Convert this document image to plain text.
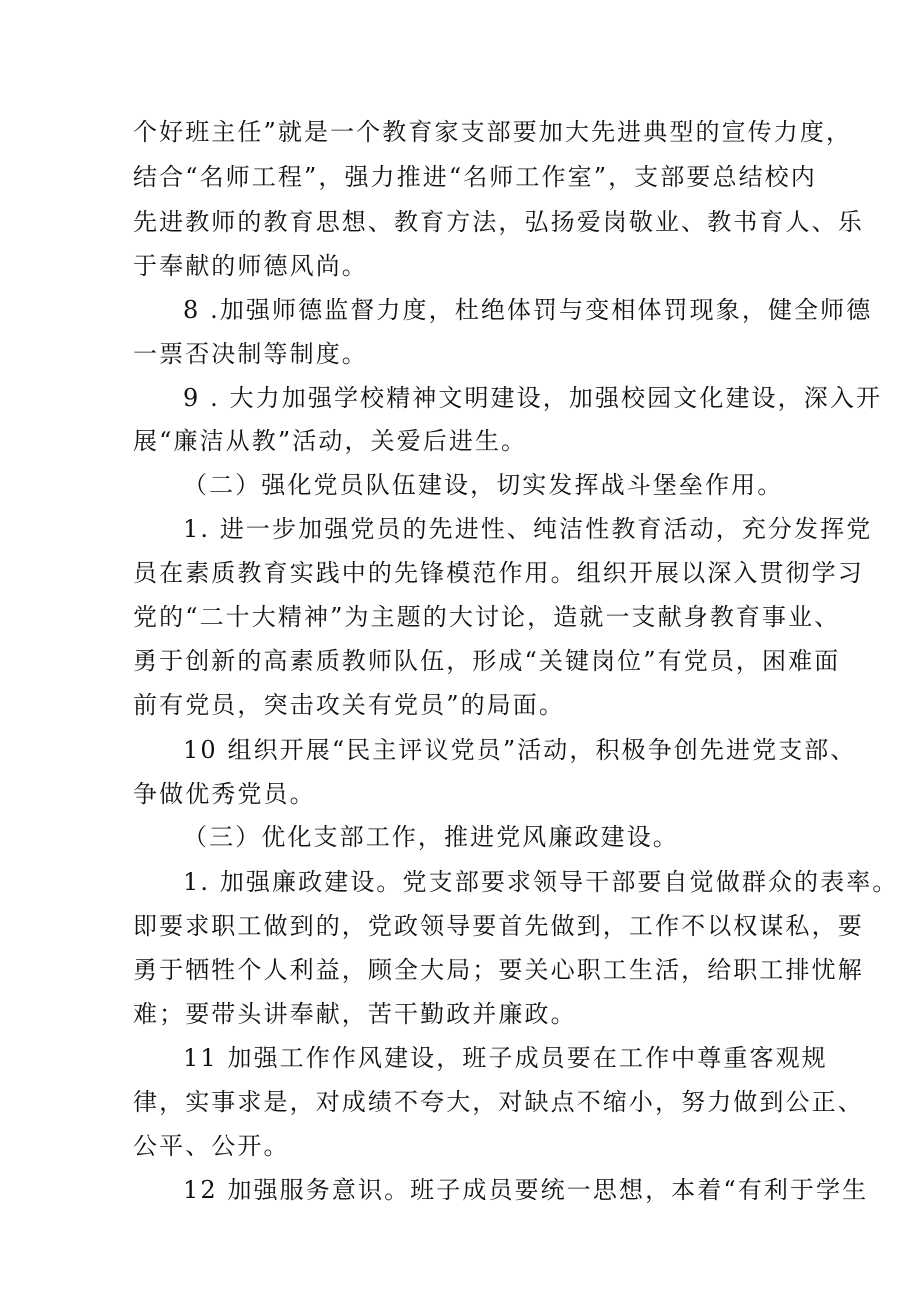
个好班主任”就是一个教育家支部要加大先进典型的宣传力度，
结合“名师工程”，强力推进“名师工作室”，支部要总结校内
先进教师的教育思想、教育方法，弘扬爱岗敬业、教书育人、乐
于奉献的师德风尚。
8 .加强师德监督力度，杜绝体罚与变相体罚现象，健全师德
一票否决制等制度。
9 . 大力加强学校精神文明建设，加强校园文化建设，深入开
展“廉洁从教”活动，关爱后进生。
（二）强化党员队伍建设，切实发挥战斗堡垒作用。
1. 进一步加强党员的先进性、纯洁性教育活动，充分发挥党
员在素质教育实践中的先锋模范作用。组织开展以深入贯彻学习
党的“二十大精神”为主题的大讨论，造就一支献身教育事业、
勇于创新的高素质教师队伍，形成“关键岗位”有党员，困难面
前有党员，突击攻关有党员”的局面。
10 组织开展“民主评议党员”活动，积极争创先进党支部、
争做优秀党员。
（三）优化支部工作，推进党风廉政建设。
1. 加强廉政建设。党支部要求领导干部要自觉做群众的表率。
即要求职工做到的，党政领导要首先做到，工作不以权谋私，要
勇于牺牲个人利益，顾全大局；要关心职工生活，给职工排忧解
难；要带头讲奉献，苦干勤政并廉政。
11 加强工作作风建设，班子成员要在工作中尊重客观规
律，实事求是，对成绩不夸大，对缺点不缩小，努力做到公正、
公平、公开。
12 加强服务意识。班子成员要统一思想，本着“有利于学生
